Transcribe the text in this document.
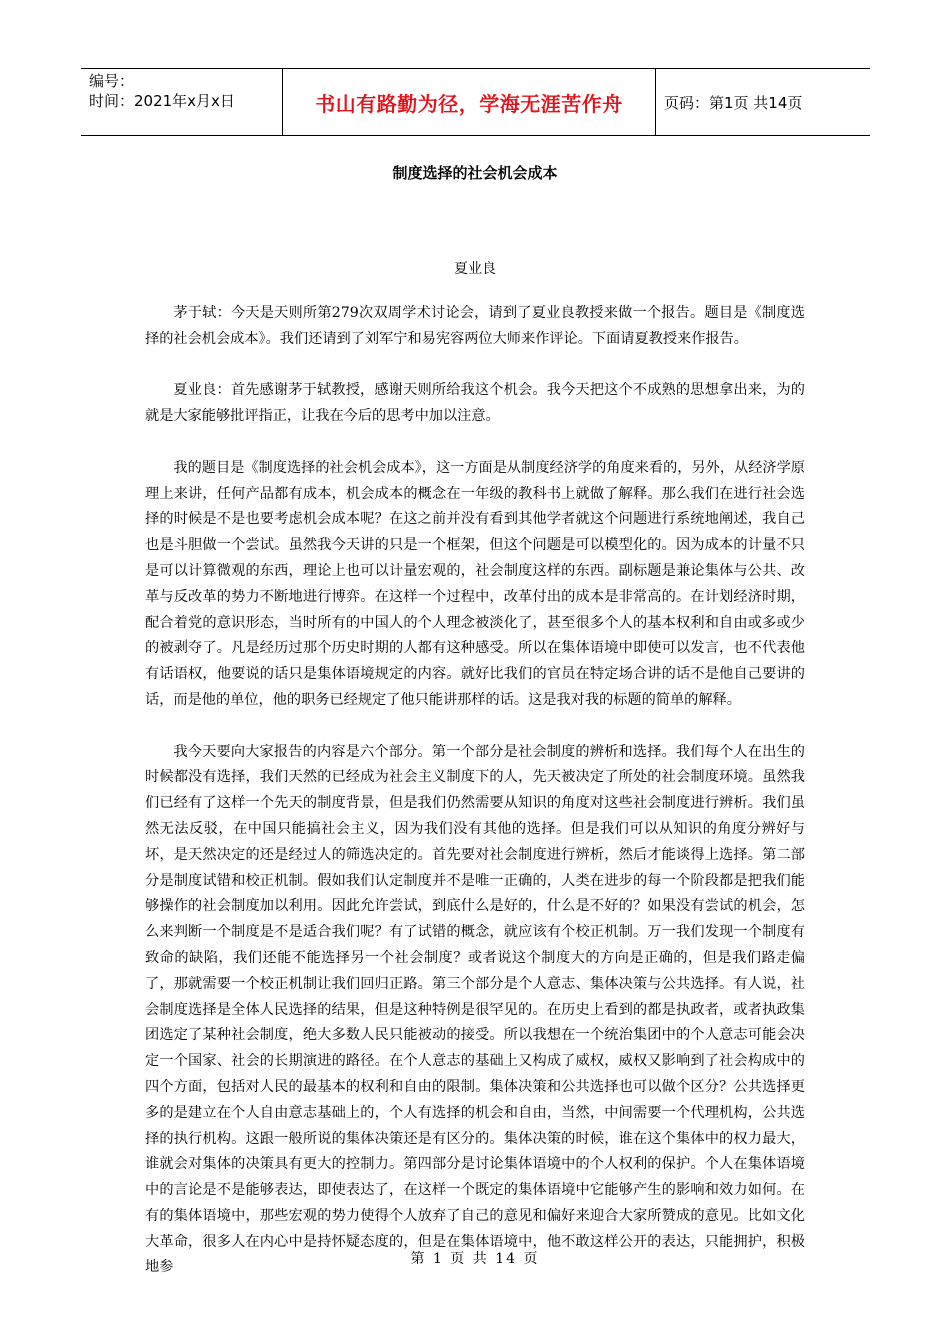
编号：
时间：2021年x月x日	书山有路勤为径，学海无涯苦作舟	页码：第1页 共14页
制度选择的社会机会成本
夏业良

茅于轼：今天是天则所第279次双周学术讨论会，请到了夏业良教授来做一个报告。题目是《制度选择的社会机会成本》。我们还请到了刘军宁和易宪容两位大师来作评论。下面请夏教授来作报告。

夏业良：首先感谢茅于轼教授，感谢天则所给我这个机会。我今天把这个不成熟的思想拿出来，为的就是大家能够批评指正，让我在今后的思考中加以注意。

我的题目是《制度选择的社会机会成本》，这一方面是从制度经济学的角度来看的，另外，从经济学原理上来讲，任何产品都有成本，机会成本的概念在一年级的教科书上就做了解释。那么我们在进行社会选择的时候是不是也要考虑机会成本呢？在这之前并没有看到其他学者就这个问题进行系统地阐述，我自己也是斗胆做一个尝试。虽然我今天讲的只是一个框架，但这个问题是可以模型化的。因为成本的计量不只是可以计算微观的东西，理论上也可以计量宏观的，社会制度这样的东西。副标题是兼论集体与公共、改革与反改革的势力不断地进行博弈。在这样一个过程中，改革付出的成本是非常高的。在计划经济时期，配合着党的意识形态，当时所有的中国人的个人理念被淡化了，甚至很多个人的基本权利和自由或多或少的被剥夺了。凡是经历过那个历史时期的人都有这种感受。所以在集体语境中即使可以发言，也不代表他有话语权，他要说的话只是集体语境规定的内容。就好比我们的官员在特定场合讲的话不是他自己要讲的话，而是他的单位，他的职务已经规定了他只能讲那样的话。这是我对我的标题的简单的解释。

我今天要向大家报告的内容是六个部分。第一个部分是社会制度的辨析和选择。我们每个人在出生的时候都没有选择，我们天然的已经成为社会主义制度下的人，先天被决定了所处的社会制度环境。虽然我们已经有了这样一个先天的制度背景，但是我们仍然需要从知识的角度对这些社会制度进行辨析。我们虽然无法反驳，在中国只能搞社会主义，因为我们没有其他的选择。但是我们可以从知识的角度分辨好与坏，是天然决定的还是经过人的筛选决定的。首先要对社会制度进行辨析，然后才能谈得上选择。第二部分是制度试错和校正机制。假如我们认定制度并不是唯一正确的，人类在进步的每一个阶段都是把我们能够操作的社会制度加以利用。因此允许尝试，到底什么是好的，什么是不好的？如果没有尝试的机会，怎么来判断一个制度是不是适合我们呢？有了试错的概念，就应该有个校正机制。万一我们发现一个制度有致命的缺陷，我们还能不能选择另一个社会制度？或者说这个制度大的方向是正确的，但是我们路走偏了，那就需要一个校正机制让我们回归正路。第三个部分是个人意志、集体决策与公共选择。有人说，社会制度选择是全体人民选择的结果，但是这种特例是很罕见的。在历史上看到的都是执政者，或者执政集团选定了某种社会制度，绝大多数人民只能被动的接受。所以我想在一个统治集团中的个人意志可能会决定一个国家、社会的长期演进的路径。在个人意志的基础上又构成了威权，威权又影响到了社会构成中的四个方面，包括对人民的最基本的权利和自由的限制。集体决策和公共选择也可以做个区分？公共选择更多的是建立在个人自由意志基础上的，个人有选择的机会和自由，当然，中间需要一个代理机构，公共选择的执行机构。这跟一般所说的集体决策还是有区分的。集体决策的时候，谁在这个集体中的权力最大，谁就会对集体的决策具有更大的控制力。第四部分是讨论集体语境中的个人权利的保护。个人在集体语境中的言论是不是能够表达，即使表达了，在这样一个既定的集体语境中它能够产生的影响和效力如何。在有的集体语境中，那些宏观的势力使得个人放弃了自己的意见和偏好来迎合大家所赞成的意见。比如文化大革命，很多人在内心中是持怀疑态度的，但是在集体语境中，他不敢这样公开的表达，只能拥护，积极地参

第 1 页 共 14 页
